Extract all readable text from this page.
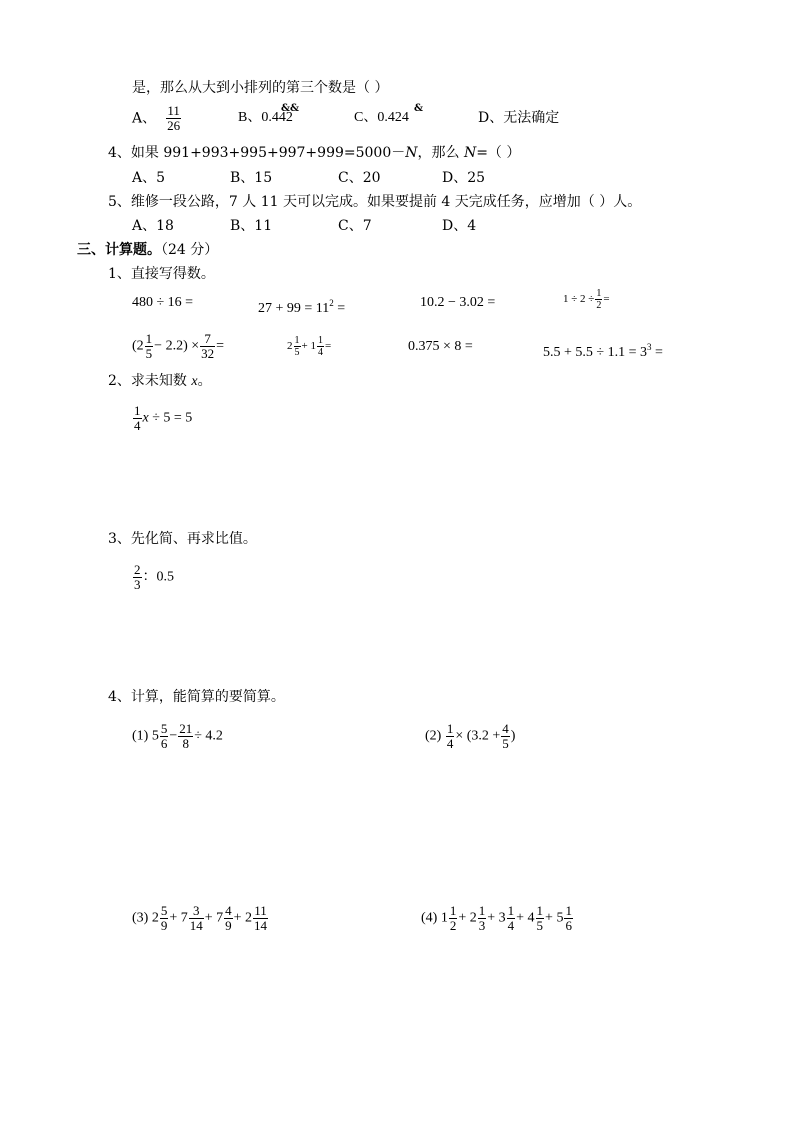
是，那么从大到小排列的第三个数是（ ）
A、 $\frac{11}{26}$	B、0.442
&&
C、0.424
&
D、无法确定
4、如果 991+993+995+997+999=5000－N，那么 N=（ ）
A、5	B、15	C、20	D、25
5、维修一段公路，7 人 11 天可以完成。如果要提前 4 天完成任务，应增加（ ）人。
A、18	B、11	C、7	D、4
三、计算题。（24 分）
1、直接写得数。
480 ÷ 16 =	$27 + 99 = 11^2$ =	10.2 − 3.02 =	$1 \div 2 \div \frac{1}{2}$ =
$(2 \frac{1}{5} - 2.2) \times \frac{7}{32}$ =	$2 \frac{1}{5} + 1 \frac{1}{4}$ =	0.375 × 8 =	$5.5 + 5.5 \div 1.1 = 3^3$ =
2、求未知数 x。
$\frac{1}{4}$ x ÷ 5 = 5
3、先化简、再求比值。
$\frac{2}{3}$ ：0.5
4、计算，能简算的要简算。
(1) $5 \frac{5}{6} - \frac{21}{8} \div 4.2$	$(2) \frac{1}{4} \times (3.2 + \frac{4}{5}$ )
(3) $2 \frac{5}{9} + 7 \frac{3}{14} + 7 \frac{4}{9} + 2 \frac{11}{14}$	(4) $1 \frac{1}{2} + 2 \frac{1}{3} + 3 \frac{1}{4} + 4 \frac{1}{5} + 5 \frac{1}{6}$
